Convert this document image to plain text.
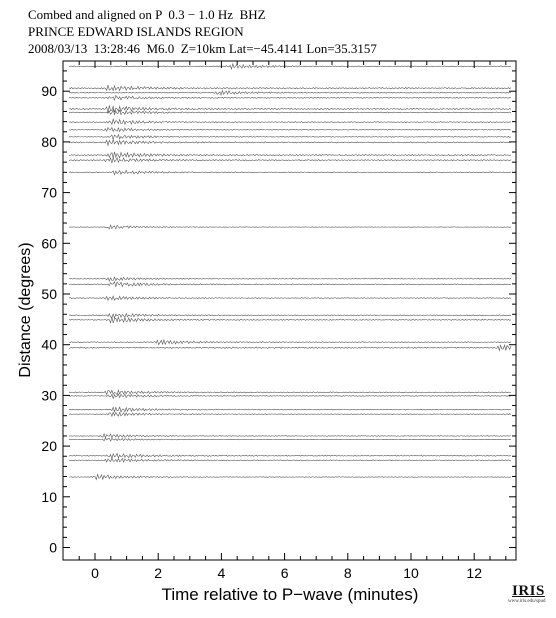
Combed and aligned on P  0.3 − 1.0 Hz  BHZ
PRINCE EDWARD ISLANDS REGION
2008/03/13  13:28:46  M6.0  Z=10km Lat=−45.4141 Lon=35.3157
0	2	4	6	8	10	12
0
10
20
30
40
50
60
70
80
90
Time relative to P−wave (minutes)
Distance (degrees)
IRIS
www.iris.edu/spud
